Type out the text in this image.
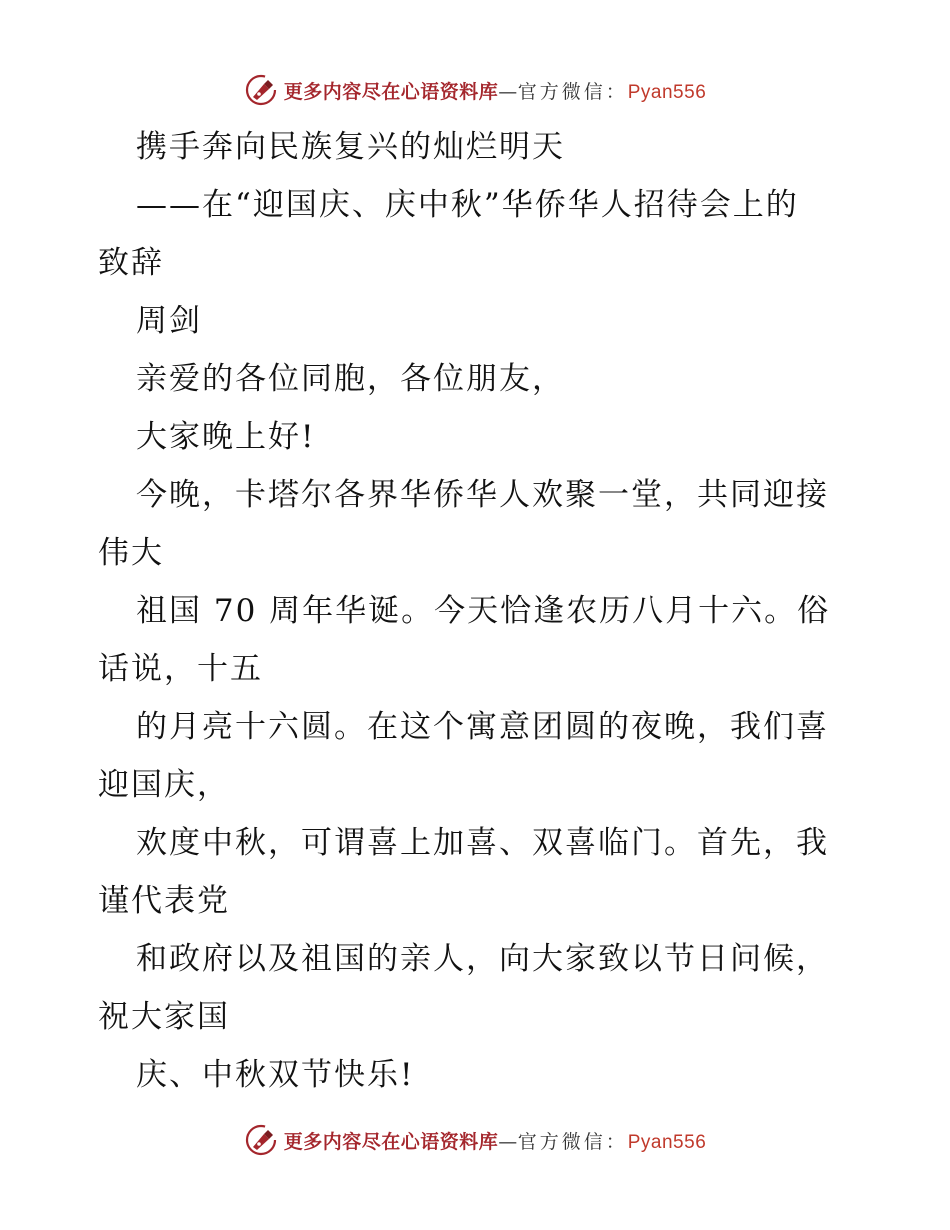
更多内容尽在心语资料库—官方微信：Pyan556
携手奔向民族复兴的灿烂明天
——在“迎国庆、庆中秋”华侨华人招待会上的
致辞
周剑
亲爱的各位同胞，各位朋友，
大家晚上好!
今晚，卡塔尔各界华侨华人欢聚一堂，共同迎接
伟大
祖国 70 周年华诞。今天恰逢农历八月十六。俗
话说，十五
的月亮十六圆。在这个寓意团圆的夜晚，我们喜
迎国庆，
欢度中秋，可谓喜上加喜、双喜临门。首先，我
谨代表党
和政府以及祖国的亲人，向大家致以节日问候，
祝大家国
庆、中秋双节快乐!
更多内容尽在心语资料库—官方微信：Pyan556
